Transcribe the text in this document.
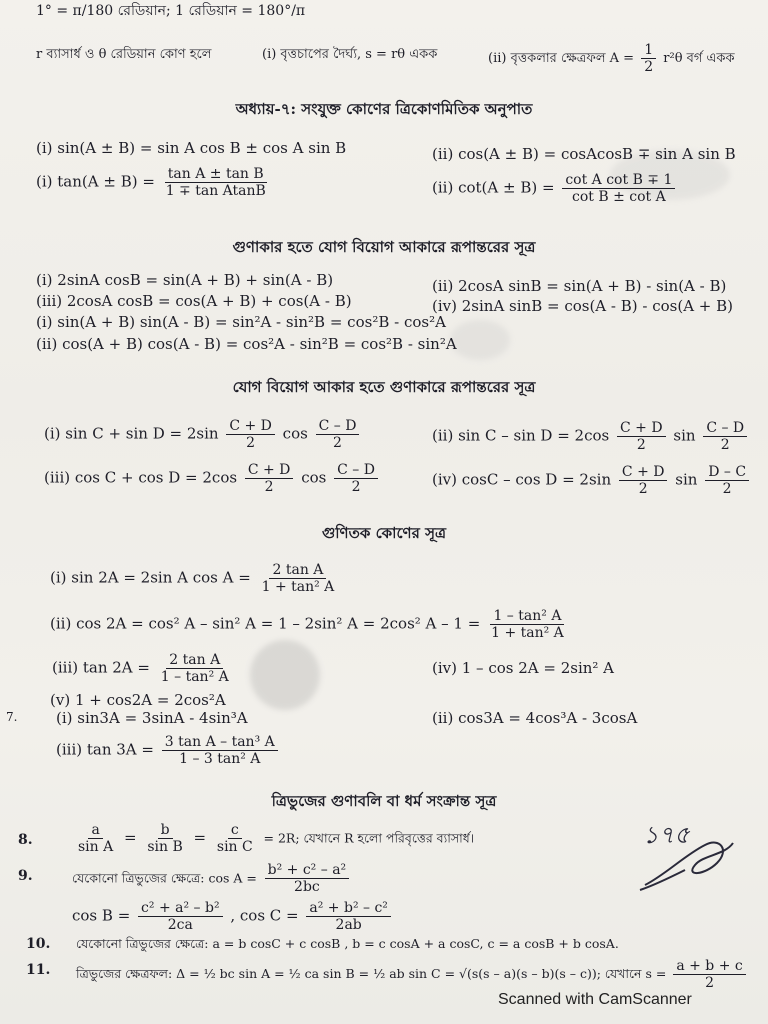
1° = π/180 রেডিয়ান; 1 রেডিয়ান = 180°/π
r ব্যাসার্ধ ও θ রেডিয়ান কোণ হলে	(i) বৃত্তচাপের দৈর্ঘ্য, s = rθ একক	(ii) বৃত্তকলার ক্ষেত্রফল $A = \frac{1}{2} r^2\theta$ বর্গ একক
অধ্যায়-৭: সংযুক্ত কোণের ত্রিকোণমিতিক অনুপাত
(i) sin(A ± B) = sin A cos B ± cos A sin B	(ii) cos(A ± B) = cosAcosB ∓ sin A sin B
(i) $\tan(A \pm B) = \frac{\text{tan A ± tan B}}{\text{1 ∓ tan AtanB}}$	(ii) $\cot(A \pm B) = \frac{\text{cot A cot B ∓ 1}}{\text{cot B ± cot A}}$
গুণাকার হতে যোগ বিয়োগ আকারে রূপান্তরের সূত্র
(i) 2sinA cosB = sin(A + B) + sin(A - B)	(ii) 2cosA sinB = sin(A + B) - sin(A - B)
(iii) 2cosA cosB = cos(A + B) + cos(A - B)	(iv) 2sinA sinB = cos(A - B) - cos(A + B)
(i) sin(A + B) sin(A - B) = sin²A - sin²B = cos²B - cos²A
(ii) cos(A + B) cos(A - B) = cos²A - sin²B = cos²B - sin²A
যোগ বিয়োগ আকার হতে গুণাকারে রূপান্তরের সূত্র
(i) $\sin C + \sin D = 2\sin \frac{C + D}{2}$ $\cos \frac{C - D}{2}$	(ii) $\sin C - \sin D = 2\cos \frac{C + D}{2}$ $\sin \frac{C - D}{2}$
(iii) $\cos C + \cos D = 2\cos \frac{C + D}{2}$ $\cos \frac{C - D}{2}$	(iv) $\cos C - \cos D = 2\sin \frac{C + D}{2}$ $\sin \frac{D - C}{2}$
গুণিতক কোণের সূত্র
(i) sin 2A = 2sin A $\cos A = \frac{\text{2 tan A}}{\text{1 + tan² A}}$
(ii) cos 2A = cos² A – sin² A = 1 – 2sin² A = 2cos² $A - 1 = \frac{\text{1 – tan² A}}{\text{1 + tan² A}}$
(iii) $\tan 2A = \frac{\text{2 tan A}}{\text{1 – tan² A}}$	(iv) 1 – cos 2A = 2sin² A
(v) 1 + cos2A = 2cos²A
7.	(i) sin3A = 3sinA - 4sin³A	(ii) cos3A = 4cos³A - 3cosA
(iii) $\tan 3A = \frac{\text{3 tan A – tan³ A}}{\text{1 – 3 tan² A}}$
ত্রিভুজের গুণাবলি বা ধর্ম সংক্রান্ত সূত্র
8.	$\frac{a}{\text{sin A}} = \frac{b}{\text{sin B}} = \frac{c}{\text{sin C}} = 2R$; যেখানে R হলো পরিবৃত্তের ব্যাসার্ধ।	১৭৫
9.	যেকোনো ত্রিভুজের ক্ষেত্রে: $\cos A = \frac{\text{b² + c² – a²}}{2bc}$
$\cos B = \frac{\text{c² + a² – b²}}{2ca}$ , $\cos C = \frac{\text{a² + b² – c²}}{2ab}$
10. যেকোনো ত্রিভুজের ক্ষেত্রে: a = b cosC + c cosB , b = c cosA + a cosC, c = a cosB + b cosA.
11. ত্রিভুজের ক্ষেত্রফল: Δ = ½ bc sin A = ½ ca sin B = ½ ab sin C = √(s(s – a)(s – b)(s – c)); যেখানে $s = \frac{a + b + c}{2}$
Scanned with CamScanner
